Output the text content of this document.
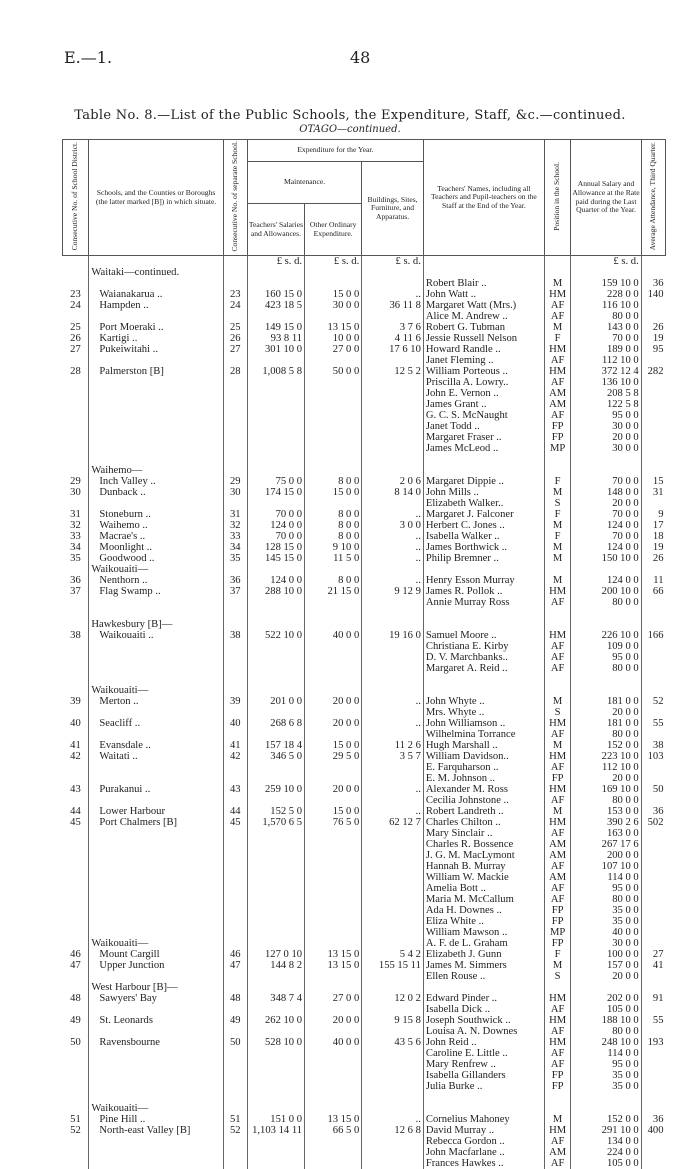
E.—1.	48
Table No. 8.—List of the Public Schools, the Expenditure, Staff, &c.—continued.
OTAGO—continued.
Consecutive No. of School District.	Schools, and the Counties or Boroughs (the latter marked [B]) in which situate.	Consecutive No. of separate School.	Expenditure for the Year.			Teachers' Names, including all Teachers and Pupil-teachers on the Staff at the End of the Year.	Position in the School.	Annual Salary and Allowance at the Rate paid during the Last Quarter of the Year.	Average Attendance, Third Quarter.
			Maintenance.		Buildings, Sites, Furniture, and Apparatus.				
			Teachers' Salaries and Allowances.	Other Ordinary Expenditure.					
			£ s. d.	£ s. d.	£ s. d.			£ s. d.	
	Waitaki—continued.								
						Robert Blair ..	M	159 10 0	36
23	Waianakarua ..	23	160 15 0	15 0 0	..	John Watt ..	HM	228 0 0	140
24	Hampden ..	24	423 18 5	30 0 0	36 11 8	Margaret Watt (Mrs.)	AF	116 10 0	
						Alice M. Andrew ..	AF	80 0 0	
25	Port Moeraki ..	25	149 15 0	13 15 0	3 7 6	Robert G. Tubman	M	143 0 0	26
26	Kartigi ..	26	93 8 11	10 0 0	4 11 6	Jessie Russell Nelson	F	70 0 0	19
27	Pukeiwitahi ..	27	301 10 0	27 0 0	17 6 10	Howard Randle ..	HM	189 0 0	95
						Janet Fleming ..	AF	112 10 0	
28	Palmerston [B]	28	1,008 5 8	50 0 0	12 5 2	William Porteous ..	HM	372 12 4	282
						Priscilla A. Lowry..	AF	136 10 0	
						John E. Vernon ..	AM	208 5 8	
						James Grant ..	AM	122 5 8	
						G. C. S. McNaught	AF	95 0 0	
						Janet Todd ..	FP	30 0 0	
						Margaret Fraser ..	FP	20 0 0	
						James McLeod ..	MP	30 0 0	

	Waihemo—								
29	Inch Valley ..	29	75 0 0	8 0 0	2 0 6	Margaret Dippie ..	F	70 0 0	15
30	Dunback ..	30	174 15 0	15 0 0	8 14 0	John Mills ..	M	148 0 0	31
						Elizabeth Walker..	S	20 0 0	
31	Stoneburn ..	31	70 0 0	8 0 0	..	Margaret J. Falconer	F	70 0 0	9
32	Waihemo ..	32	124 0 0	8 0 0	3 0 0	Herbert C. Jones ..	M	124 0 0	17
33	Macrae's ..	33	70 0 0	8 0 0	..	Isabella Walker ..	F	70 0 0	18
34	Moonlight ..	34	128 15 0	9 10 0	..	James Borthwick ..	M	124 0 0	19
35	Goodwood ..	35	145 15 0	11 5 0	..	Philip Bremner ..	M	150 10 0	26
	Waikouaiti—								
36	Nenthorn ..	36	124 0 0	8 0 0	..	Henry Esson Murray	M	124 0 0	11
37	Flag Swamp ..	37	288 10 0	21 15 0	9 12 9	James R. Pollok ..	HM	200 10 0	66
						Annie Murray Ross	AF	80 0 0	

	Hawkesbury [B]—								
38	Waikouaiti ..	38	522 10 0	40 0 0	19 16 0	Samuel Moore ..	HM	226 10 0	166
						Christiana E. Kirby	AF	109 0 0	
						D. V. Marchbanks..	AF	95 0 0	
						Margaret A. Reid ..	AF	80 0 0	

	Waikouaiti—								
39	Merton ..	39	201 0 0	20 0 0	..	John Whyte ..	M	181 0 0	52
						Mrs. Whyte ..	S	20 0 0	
40	Seacliff ..	40	268 6 8	20 0 0	..	John Williamson ..	HM	181 0 0	55
						Wilhelmina Torrance	AF	80 0 0	
41	Evansdale ..	41	157 18 4	15 0 0	11 2 6	Hugh Marshall ..	M	152 0 0	38
42	Waitati ..	42	346 5 0	29 5 0	3 5 7	William Davidson..	HM	223 10 0	103
						E. Farquharson ..	AF	112 10 0	
						E. M. Johnson ..	FP	20 0 0	
43	Purakanui ..	43	259 10 0	20 0 0	..	Alexander M. Ross	HM	169 10 0	50
						Cecilia Johnstone ..	AF	80 0 0	
44	Lower Harbour	44	152 5 0	15 0 0	..	Robert Landreth ..	M	153 0 0	36
45	Port Chalmers [B]	45	1,570 6 5	76 5 0	62 12 7	Charles Chilton ..	HM	390 2 6	502
						Mary Sinclair ..	AF	163 0 0	
						Charles R. Bossence	AM	267 17 6	
						J. G. M. MacLymont	AM	200 0 0	
						Hannah B. Murray	AF	107 10 0	
						William W. Mackie	AM	114 0 0	
						Amelia Bott ..	AF	95 0 0	
						Maria M. McCallum	AF	80 0 0	
						Ada H. Downes ..	FP	35 0 0	
						Eliza White ..	FP	35 0 0	
						William Mawson ..	MP	40 0 0	
	Waikouaiti—					A. F. de L. Graham	FP	30 0 0	
46	Mount Cargill	46	127 0 10	13 15 0	5 4 2	Elizabeth J. Gunn	F	100 0 0	27
47	Upper Junction	47	144 8 2	13 15 0	155 15 11	James M. Simmers	M	157 0 0	41
						Ellen Rouse ..	S	20 0 0	
	West Harbour [B]—								
48	Sawyers' Bay	48	348 7 4	27 0 0	12 0 2	Edward Pinder ..	HM	202 0 0	91
						Isabella Dick ..	AF	105 0 0	
49	St. Leonards	49	262 10 0	20 0 0	9 15 8	Joseph Southwick ..	HM	188 10 0	55
						Louisa A. N. Downes	AF	80 0 0	
50	Ravensbourne	50	528 10 0	40 0 0	43 5 6	John Reid ..	HM	248 10 0	193
						Caroline E. Little ..	AF	114 0 0	
						Mary Renfrew ..	AF	95 0 0	
						Isabella Gillanders	FP	35 0 0	
						Julia Burke ..	FP	35 0 0	

	Waikouaiti—								
51	Pine Hill ..	51	151 0 0	13 15 0	..	Cornelius Mahoney	M	152 0 0	36
52	North-east Valley [B]	52	1,103 14 11	66 5 0	12 6 8	David Murray ..	HM	291 10 0	400
						Rebecca Gordon ..	AF	134 0 0	
						John Macfarlane ..	AM	224 0 0	
						Frances Hawkes ..	AF	105 0 0	
